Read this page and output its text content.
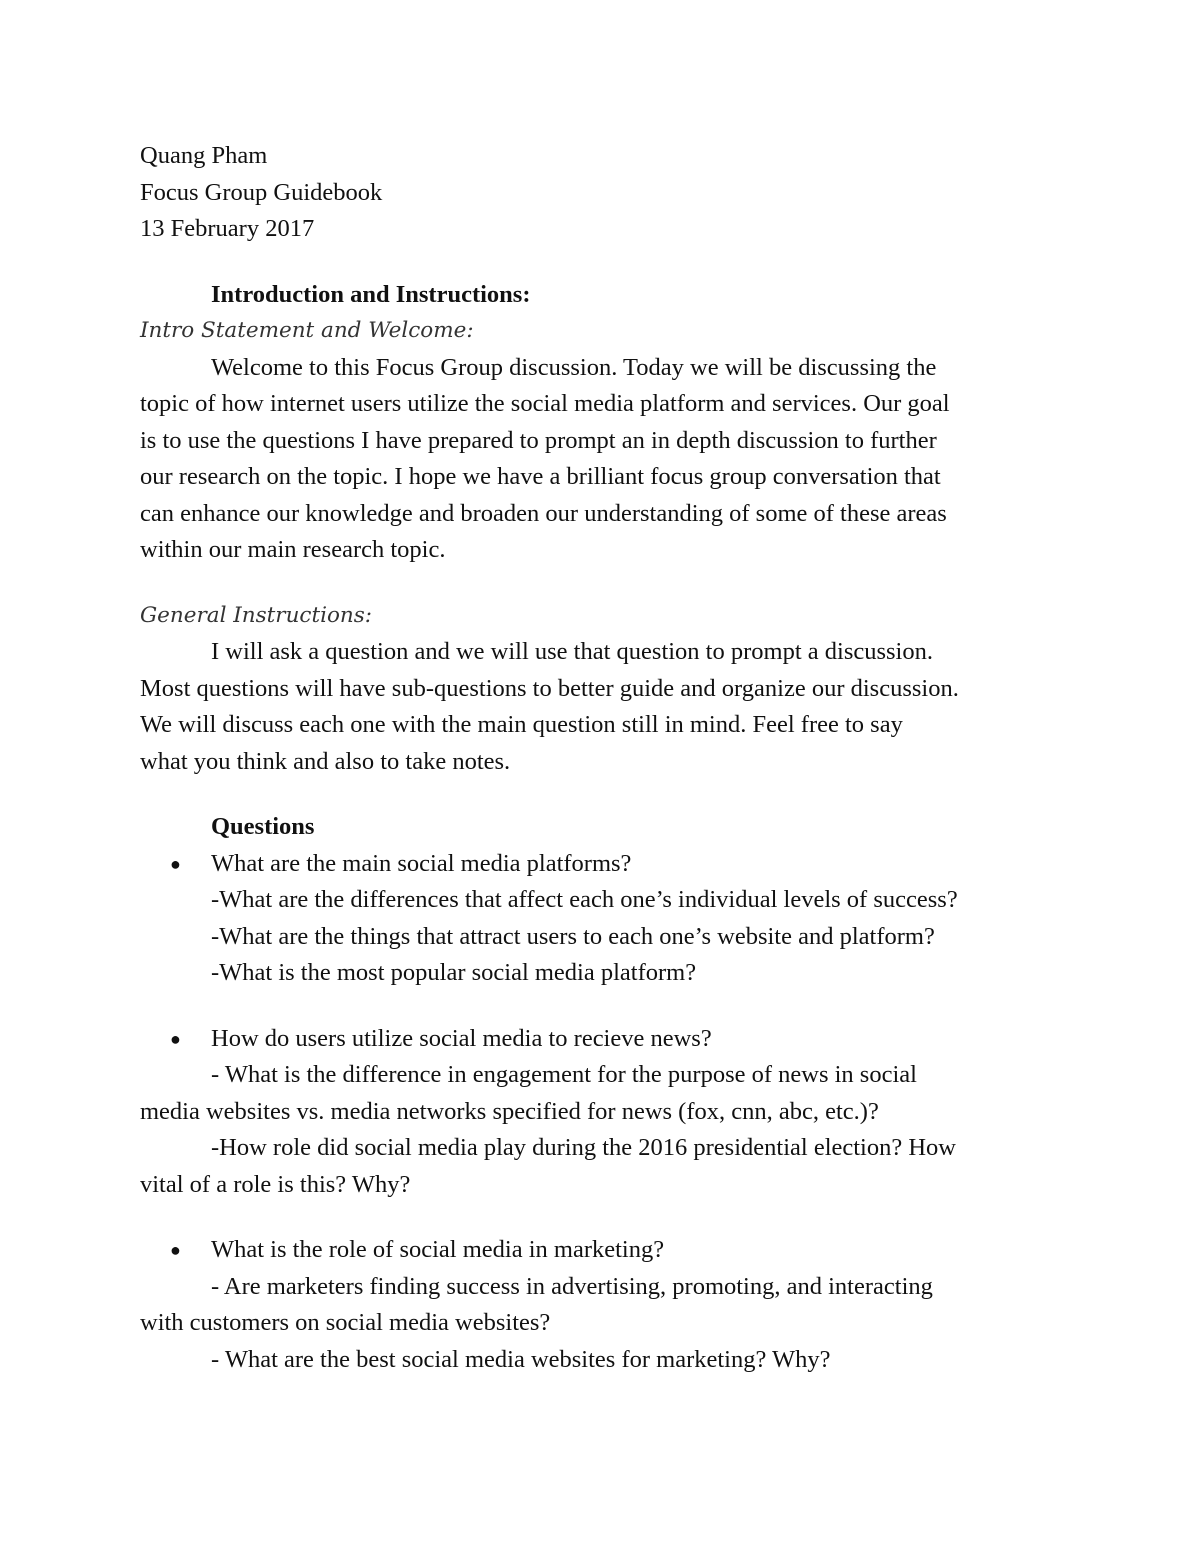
Quang Pham
Focus Group Guidebook
13 February 2017
Introduction and Instructions:
Intro Statement and Welcome:
Welcome to this Focus Group discussion. Today we will be discussing the
topic of how internet users utilize the social media platform and services. Our goal
is to use the questions I have prepared to prompt an in depth discussion to further
our research on the topic. I hope we have a brilliant focus group conversation that
can enhance our knowledge and broaden our understanding of some of these areas
within our main research topic.
General Instructions:
I will ask a question and we will use that question to prompt a discussion.
Most questions will have sub-questions to better guide and organize our discussion.
We will discuss each one with the main question still in mind. Feel free to say
what you think and also to take notes.
Questions
● What are the main social media platforms?
-What are the differences that affect each one’s individual levels of success?
-What are the things that attract users to each one’s website and platform?
-What is the most popular social media platform?
● How do users utilize social media to recieve news?
- What is the difference in engagement for the purpose of news in social
media websites vs. media networks specified for news (fox, cnn, abc, etc.)?
-How role did social media play during the 2016 presidential election? How
vital of a role is this? Why?
● What is the role of social media in marketing?
- Are marketers finding success in advertising, promoting, and interacting
with customers on social media websites?
- What are the best social media websites for marketing? Why?
